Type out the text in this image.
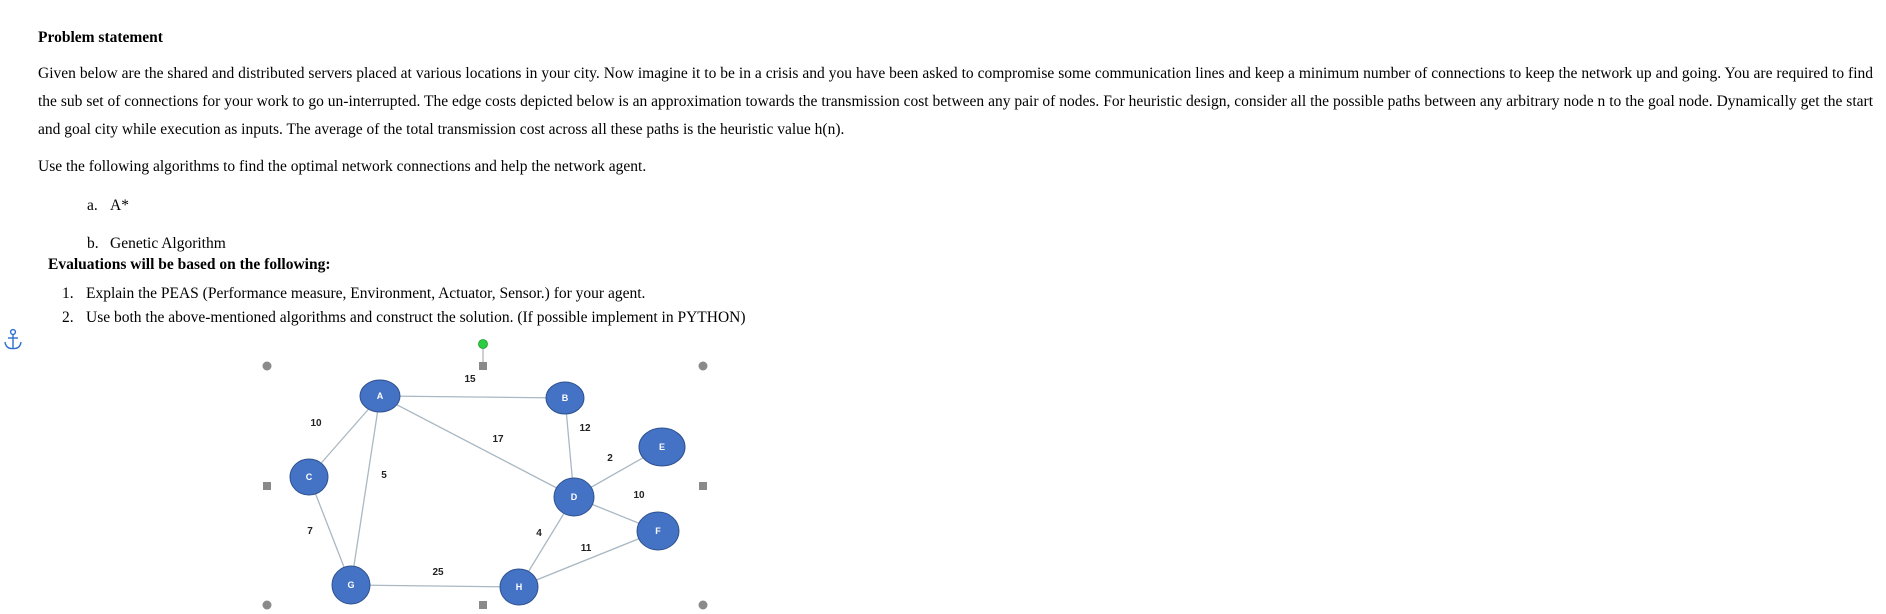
Problem statement
Given below are the shared and distributed servers placed at various locations in your city. Now imagine it to be in a crisis and you have been asked to compromise some communication lines and keep a minimum number of connections to keep the network up and going. You are required to find the sub set of connections for your work to go un-interrupted. The edge costs depicted below is an approximation towards the transmission cost between any pair of nodes. For heuristic design, consider all the possible paths between any arbitrary node n to the goal node. Dynamically get the start and goal city while execution as inputs. The average of the total transmission cost across all these paths is the heuristic value h(n).
Use the following algorithms to find the optimal network connections and help the network agent.
a. A*
b. Genetic Algorithm
Evaluations will be based on the following:
1. Explain the PEAS (Performance measure, Environment, Actuator, Sensor.) for your agent.
2. Use both the above-mentioned algorithms and construct the solution. (If possible implement in PYTHON)
A	B
C
D
E
F
G	H
15
10
17
5
12
7
2
10
4
25
11
